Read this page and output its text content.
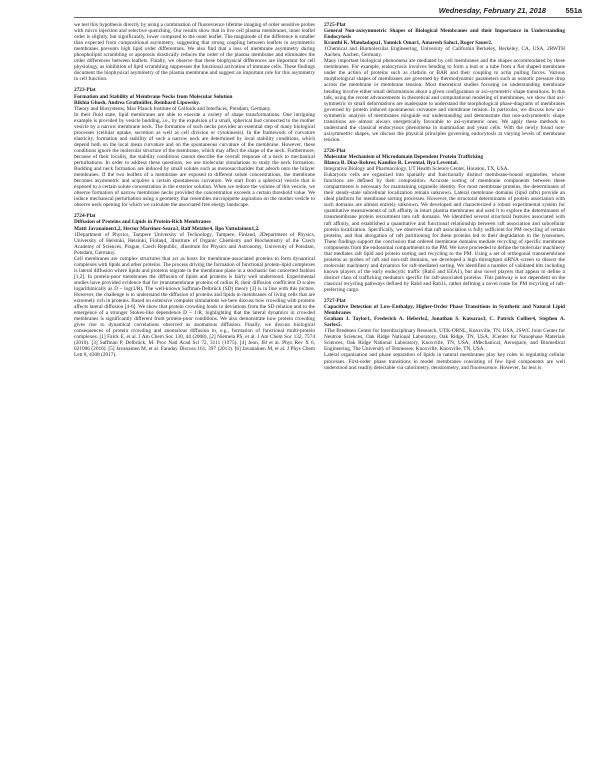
Wednesday, February 21, 2018	551a

we test this hypothesis directly by using a combination of fluorescence lifetime imaging of order sensitive probes with micro injection and selective quenching. Our results show that in live cell plasma membranes, inner leaflet order is slightly, but significantly, lower compared to the outer leaflet. The magnitude of the difference is smaller than expected from compositional asymmetry, suggesting that strong coupling between leaflets in asymmetric membranes prevents high lipid order differentials. We also find that a loss of membrane asymmetry during phospholipid scrambling or apoptosis drastically reduces the order of the plasma membrane and eliminates the order differences between leaflets. Finally, we observe that these biophysical differences are important for cell physiology, as inhibition of lipid scrambling suppresses the functional activation of immune cells. These findings document the biophysical asymmetry of the plasma membrane and suggest an important role for this asymmetry in cell function.

2723-Plat

Formation and Stability of Membrane Necks from Molecular Solution

Rikhia Ghosh, Andrea Grafmüller, Reinhard Lipowsky.

Theory and Biosystems, Max Planck Institute of Colloids and Interfaces, Potsdam, Germany.

In their fluid state, lipid membranes are able to execute a variety of shape transformations. One intriguing example is provided by vesicle budding, i.e., by the expulsion of a small, spherical bud connected to the mother vesicle by a narrow membrane neck. The formation of such necks provides an essential step of many biological processes (cellular uptake, secretion as well as cell division or cytokinesis). In the framework of curvature elasticity, formation and stability of such a narrow neck are determined by local stability conditions, which depend both on the local mean curvature and on the spontaneous curvature of the membrane. However, these conditions ignore the molecular structure of the membrane, which may affect the shape of the neck. Furthermore, because of their locality, the stability conditions cannot describe the overall response of a neck to mechanical perturbations. In order to address these questions, we use molecular simulations to study the neck formation. Budding and neck formation are induced by small solutes such as monosaccharides that adsorb onto the bilayer membranes. If the two leaflets of a membrane are exposed to different solute concentrations, the membrane becomes asymmetric and acquires a certain spontaneous curvature. We start from a spherical vesicle that is exposed to a certain solute concentration in the exterior solution. When we reduce the volume of this vesicle, we observe formation of narrow membrane necks provided the concentration exceeds a certain threshold value. We induce mechanical perturbation using a geometry that resembles micropipette aspiration on the mother vesicle to observe neck opening for which we calculate the associated free energy landscape.

2724-Plat

Diffusion of Proteins and Lipids in Protein-Rich Membranes

Matti Javanainen1,2, Hector Martinez-Seara3, Ralf Metzler4, Ilpo Vattulainen1,2.

1Department of Physics, Tampere University of Technology, Tampere, Finland, 2Department of Physics, University of Helsinki, Helsinki, Finland, 3Institute of Organic Chemistry and Biochemistry of the Czech Academy of Sciences, Prague, Czech Republic, 4Institute for Physics and Astronomy, University of Potsdam, Potsdam, Germany.

Cell membranes are complex structures that act as hosts for membrane-associated proteins to form dynamical complexes with lipids and other proteins. The process driving the formation of functional protein-lipid complexes is lateral diffusion where lipids and proteins migrate in the membrane plane in a stochastic but concerted fashion [1,2]. In protein-poor membranes the diffusion of lipids and proteins is fairly well understood. Experimental studies have provided evidence that for (transmembrane proteins of radius R, their diffusion coefficient D scales logarithmically as D ~ log(1/R). The well-known Saffman-Delbrück (SD) theory [3] is in line with this picture. However, the challenge is to understand the diffusion of proteins and lipids in membranes of living cells that are extremely rich in proteins. Based on extensive computer simulations we here discuss how crowding with proteins affects lateral diffusion [4-6]. We show that protein crowding leads to deviations from the SD relation and to the emergence of a stronger Stokes-like dependence D ~ 1/R, highlighting that the lateral dynamics in crowded membranes is significantly different from protein-poor conditions. We also demonstrate how protein crowding gives rise to dynamical correlations observed as anomalous diffusion. Finally, we discuss biological consequences of protein crowding and anomalous diffusion in, e.g., formation of functional multi-protein complexes. [1] Falck E, et al. J Am Chem Soc 130, 44 (2008). [2] Niemela PS, et al. J Am Chem Soc 132, 7574 (2010). [3] Saffman P, Delbrück, M. Proc Natl Acad Sci 72, 3111 (1975). [4] Jeon, JH et al. Phys Rev X 6, 021006 (2016). [5] Javanainen M, et al. Faraday Discuss 161, 397 (2013). [6] Javanainen M, et al. J Phys Chem Lett 8, 4308 (2017).

2725-Plat

General Non-axisymmetric Shapes of Biological Membranes and their Importance in Understanding Endocytosis

Kranthi K. Mandadapu1, Yannick Omar1, Amaresh Sahu1, Roger Sauer2.

1Chemical and Biomolecular Engineering, University of California Berkeley, Berkeley, CA, USA, 2RWTH Aachen, Aachen, Germany.

Many important biological phenomena are mediated by cell membranes and the shapes accommodated by these membranes. For example, endocytosis involves bending to form a bud or a tube from a flat shaped membrane under the action of proteins such as clathrin or BAR and their coupling to actin pulling forces. Various morphological shapes of membranes are governed by thermodynamic parameters such as osmotic pressure drop across the membrane or membrane tension. Most theoretical studies focusing on understanding membrane bending involve either small deformations about a given configuration or axi-symmetric shape transitions. In this talk, using the recent advancements in theoretical and computational modeling of membranes, we show that axi-symmetric or small deformations are inadequate to understand the morphological phase-diagrams of membranes governed by protein induced spontaneous curvature and membrane tension. In particular, we discuss how axi-symmetric analysis of membranes misguide our understanding and demonstrate that non-axisymmetric shape transitions are almost always energetically favorable to axi-symmetric ones. We apply these methods to understand the classical endocytosis phenomena in mammalian and yeast cells. With the newly found non-axisymmetric shapes, we discuss the physical principles governing endocytosis at varying levels of membrane tension.

2726-Plat

Molecular Mechanism of Microdomain Dependent Protein Trafficking

Blanca B. Diaz-Rohrer, Kandice R. Levental, Ilya Levental.

Integrative Biology and Pharmacology, UT Health Science Center, Houston, TX, USA.

Eukaryotic cells are organized into spatially and functionally distinct membrane-bound organelles, whose functions are defined by their composition. Accurate sorting of membrane components between these compartments is necessary for maintaining organelle identity. For most membrane proteins, the determinants of their steady-state subcellular localization remain unknown. Lateral membrane domains (lipid rafts) provide an ideal platform for membrane sorting processes. However, the structural determinants of protein association with such domains are almost entirely unknown. We developed and characterized a robust experimental system for quantitative measurements of raft affinity in intact plasma membranes and used it to explore the determinants of transmembrane protein recruitment into raft domains. We identified several structural features associated with raft affinity, and established a quantitative and functional relationship between raft association and subcellular protein localization. Specifically, we observed that raft association is fully sufficient for PM recycling of certain proteins, and that abrogation of raft partitioning for these proteins led to their degradation in the lysosomes. These findings support the conclusion that ordered membrane domains mediate recycling of specific membrane components from the endosomal compartments to the PM. We have proceeded to define the molecular machinery that mediates raft lipid and protein sorting and recycling to the PM. Using a set of orthogonal transmembrane proteins as probes of raft and non-raft domains, we developed a high throughput siRNA screen to dissect the molecular machinery and dynamics for raft-mediated sorting. We identified a number of validated hits including known players of the early endocytic traffic (Rab5 and EEA1), but also novel players that appear to define a distinct class of trafficking mediators specific for raft-associated proteins. This pathway is not dependent on the classical recycling pathways defined by Rab4 and Rab11, rather defining a novel route for PM recycling of raft-preferring cargo.

2727-Plat

Capacitive Detection of Low-Enthalpy, Higher-Order Phase Transitions in Synthetic and Natural Lipid Membranes

Graham J. Taylor1, Frederick A. Heberle2, Jonathan S. Katsaras3, C. Patrick Collier4, Stephen A. Sarles5.

1The Bredesen Center for Interdisciplinary Research, UTK-ORNL, Knoxville, TN, USA, 2SWC Joint Center for Neutron Sciences, Oak Ridge National Laboratory, Oak Ridge, TN, USA, 3Center for Nanophase Materials Sciences, Oak Ridge National Laboratory, Knoxville, TN, USA, 4Mechanical, Aerospace, and Biomedical Engineering, The University of Tennessee, Knoxville, Knoxville, TN, USA.

Lateral organization and phase separation of lipids in natural membranes play key roles in regulating cellular processes. First-order phase transitions in model membranes consisting of few lipid components are well understood and readily detectable via calorimetry, densitometry, and fluorescence. However, far less is
